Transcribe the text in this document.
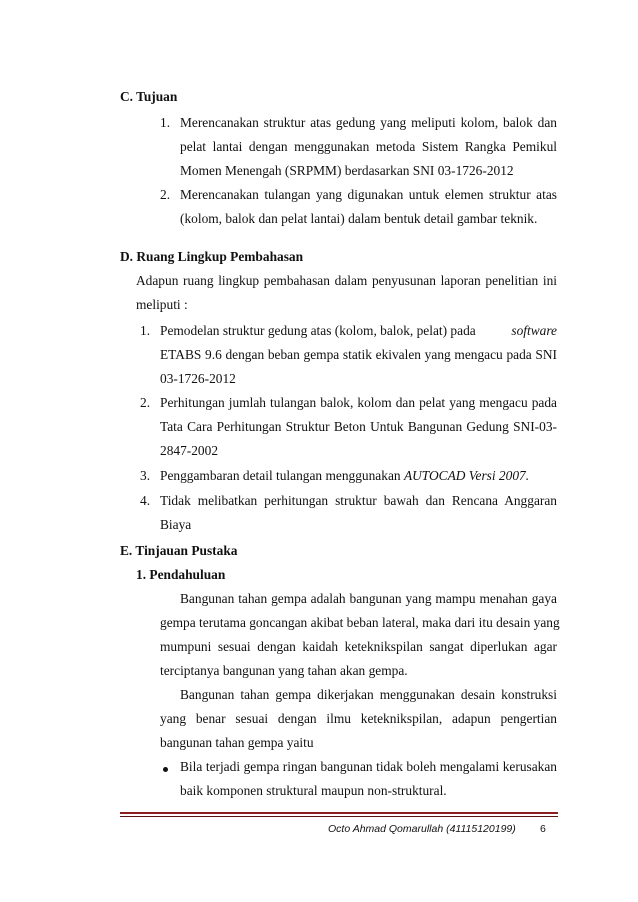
C. Tujuan
1. Merencanakan struktur atas gedung yang meliputi kolom, balok dan
pelat lantai dengan menggunakan metoda Sistem Rangka Pemikul
Momen Menengah (SRPMM) berdasarkan SNI 03-1726-2012
2. Merencanakan tulangan yang digunakan untuk elemen struktur atas
(kolom, balok dan pelat lantai) dalam bentuk detail gambar teknik.
D. Ruang Lingkup Pembahasan
Adapun ruang lingkup pembahasan dalam penyusunan laporan penelitian ini
meliputi :
1. Pemodelan struktur gedung atas (kolom, balok, pelat) pada	software
ETABS 9.6 dengan beban gempa statik ekivalen yang mengacu pada SNI
03-1726-2012
2. Perhitungan jumlah tulangan balok, kolom dan pelat yang mengacu pada
Tata Cara Perhitungan Struktur Beton Untuk Bangunan Gedung SNI-03-
2847-2002
3. Penggambaran detail tulangan menggunakan AUTOCAD Versi 2007.
4. Tidak melibatkan perhitungan struktur bawah dan Rencana Anggaran
Biaya
E. Tinjauan Pustaka
1. Pendahuluan
Bangunan tahan gempa adalah bangunan yang mampu menahan gaya
gempa terutama goncangan akibat beban lateral, maka dari itu desain yang
mumpuni sesuai dengan kaidah keteknikspilan sangat diperlukan agar
terciptanya bangunan yang tahan akan gempa.
Bangunan tahan gempa dikerjakan menggunakan desain konstruksi
yang benar sesuai dengan ilmu keteknikspilan, adapun pengertian
bangunan tahan gempa yaitu
Bila terjadi gempa ringan bangunan tidak boleh mengalami kerusakan
baik komponen struktural maupun non-struktural.
Octo Ahmad Qomarullah (41115120199) 6
